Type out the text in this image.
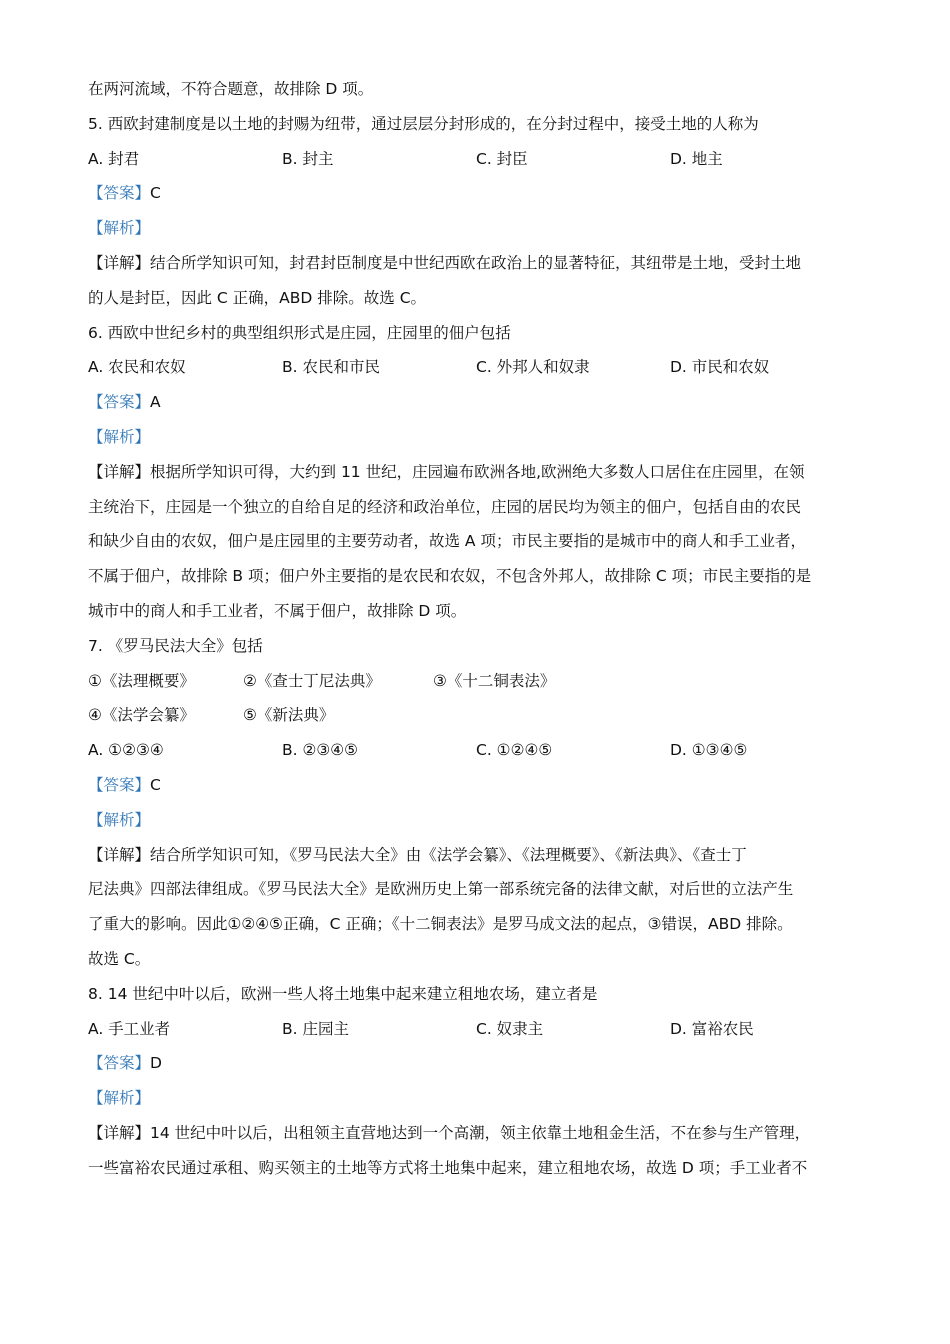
在两河流域，不符合题意，故排除 D 项。
5. 西欧封建制度是以土地的封赐为纽带，通过层层分封形成的，在分封过程中，接受土地的人称为
A. 封君	B. 封主	C. 封臣	D. 地主
【答案】C
【解析】
【详解】结合所学知识可知，封君封臣制度是中世纪西欧在政治上的显著特征，其纽带是土地，受封土地
的人是封臣，因此 C 正确，ABD 排除。故选 C。
6. 西欧中世纪乡村的典型组织形式是庄园，庄园里的佃户包括
A. 农民和农奴	B. 农民和市民	C. 外邦人和奴隶	D. 市民和农奴
【答案】A
【解析】
【详解】根据所学知识可得，大约到 11 世纪，庄园遍布欧洲各地,欧洲绝大多数人口居住在庄园里，在领
主统治下，庄园是一个独立的自给自足的经济和政治单位，庄园的居民均为领主的佃户，包括自由的农民
和缺少自由的农奴，佃户是庄园里的主要劳动者，故选 A 项；市民主要指的是城市中的商人和手工业者，
不属于佃户，故排除 B 项；佃户外主要指的是农民和农奴，不包含外邦人，故排除 C 项；市民主要指的是
城市中的商人和手工业者，不属于佃户，故排除 D 项。
7. 《罗马民法大全》包括
①《法理概要》	②《查士丁尼法典》	③《十二铜表法》
④《法学会纂》	⑤《新法典》
A. ①②③④	B. ②③④⑤	C. ①②④⑤	D. ①③④⑤
【答案】C
【解析】
【详解】结合所学知识可知，《罗马民法大全》由《法学会纂》、《法理概要》、《新法典》、《查士丁
尼法典》四部法律组成。《罗马民法大全》是欧洲历史上第一部系统完备的法律文献，对后世的立法产生
了重大的影响。因此①②④⑤正确，C 正确；《十二铜表法》是罗马成文法的起点，③错误，ABD 排除。
故选 C。
8. 14 世纪中叶以后，欧洲一些人将土地集中起来建立租地农场，建立者是
A. 手工业者	B. 庄园主	C. 奴隶主	D. 富裕农民
【答案】D
【解析】
【详解】14 世纪中叶以后，出租领主直营地达到一个高潮，领主依靠土地租金生活，不在参与生产管理，
一些富裕农民通过承租、购买领主的土地等方式将土地集中起来，建立租地农场，故选 D 项；手工业者不
